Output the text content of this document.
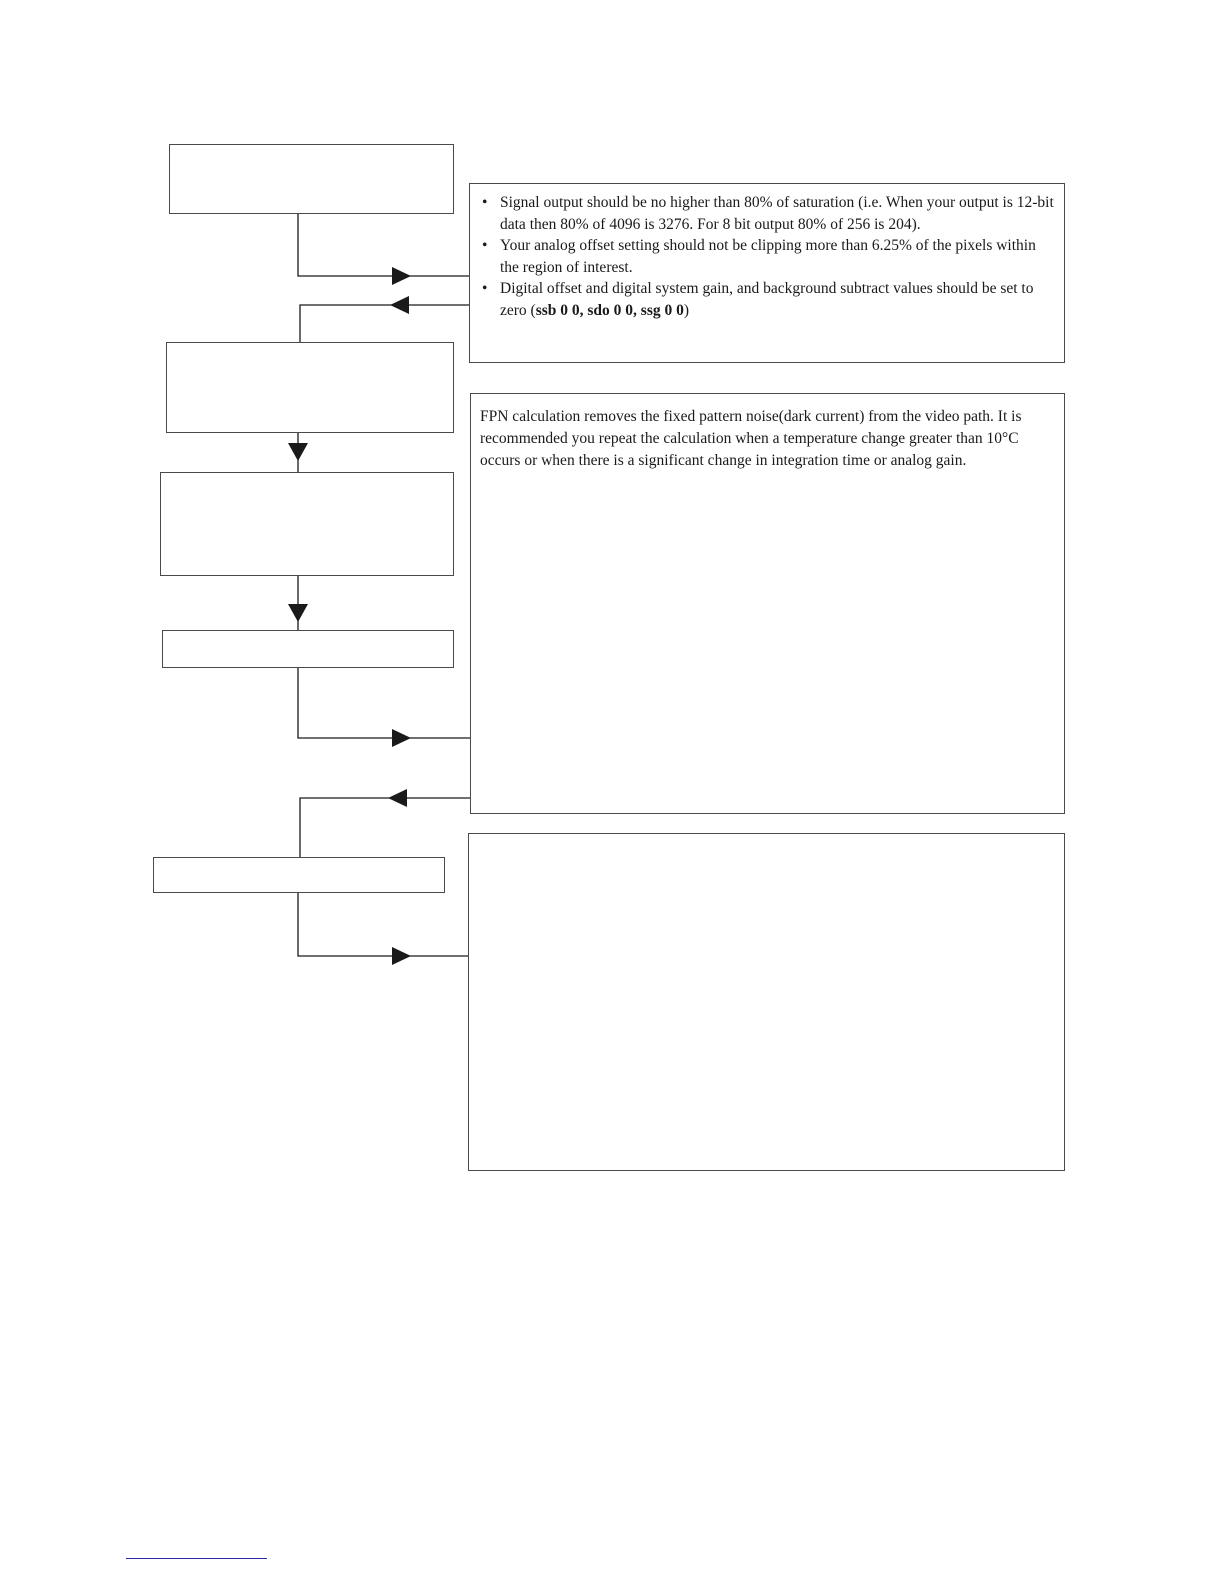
• Signal output should be no higher than 80% of saturation (i.e. When your output is 12-bit data then 80% of 4096 is 3276. For 8 bit output 80% of 256 is 204).
• Your analog offset setting should not be clipping more than 6.25% of the pixels within the region of interest.
• Digital offset and digital system gain, and background subtract values should be set to zero (ssb 0 0, sdo 0 0, ssg 0 0)

FPN calculation removes the fixed pattern noise(dark current) from the video path. It is recommended you repeat the calculation when a temperature change greater than 10°C occurs or when there is a significant change in integration time or analog gain.
